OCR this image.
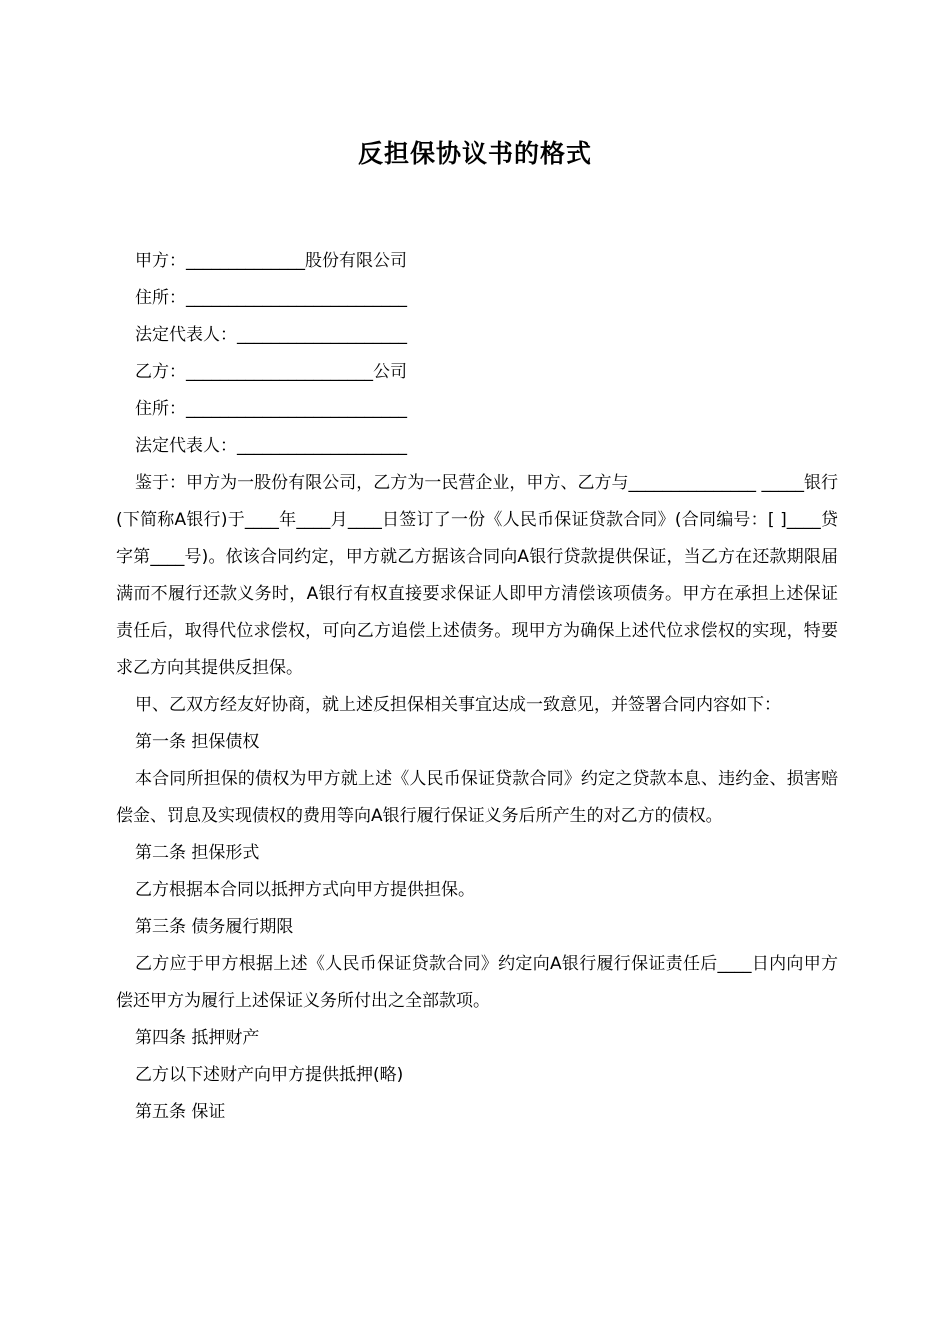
反担保协议书的格式
甲方：______________股份有限公司
住所：__________________________
法定代表人：____________________
乙方：______________________公司
住所：__________________________
法定代表人：____________________
鉴于：甲方为一股份有限公司，乙方为一民营企业，甲方、乙方与_______________ _____银行(下简称A银行)于____年____月____日签订了一份《人民币保证贷款合同》(合同编号：[ ]____贷字第____号)。依该合同约定，甲方就乙方据该合同向A银行贷款提供保证，当乙方在还款期限届满而不履行还款义务时，A银行有权直接要求保证人即甲方清偿该项债务。甲方在承担上述保证责任后，取得代位求偿权，可向乙方追偿上述债务。现甲方为确保上述代位求偿权的实现，特要求乙方向其提供反担保。
甲、乙双方经友好协商，就上述反担保相关事宜达成一致意见，并签署合同内容如下：
第一条 担保债权
本合同所担保的债权为甲方就上述《人民币保证贷款合同》约定之贷款本息、违约金、损害赔偿金、罚息及实现债权的费用等向A银行履行保证义务后所产生的对乙方的债权。
第二条 担保形式
乙方根据本合同以抵押方式向甲方提供担保。
第三条 债务履行期限
乙方应于甲方根据上述《人民币保证贷款合同》约定向A银行履行保证责任后____日内向甲方偿还甲方为履行上述保证义务所付出之全部款项。
第四条 抵押财产
乙方以下述财产向甲方提供抵押(略)
第五条 保证
